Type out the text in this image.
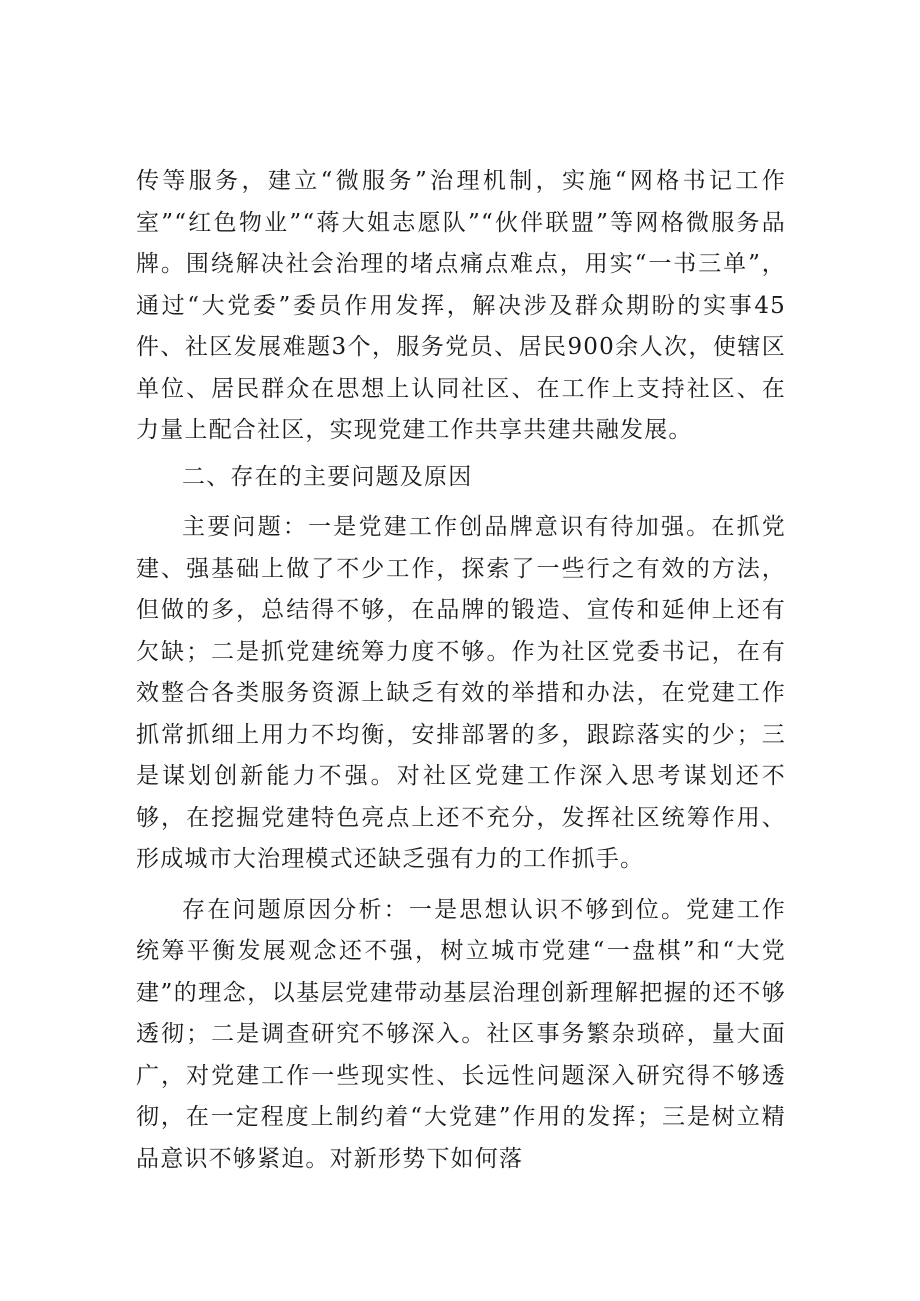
传等服务，建立“微服务”治理机制，实施“网格书记工作室”“红色物业”“蒋大姐志愿队”“伙伴联盟”等网格微服务品牌。围绕解决社会治理的堵点痛点难点，用实“一书三单”，通过“大党委”委员作用发挥，解决涉及群众期盼的实事45件、社区发展难题3个，服务党员、居民900余人次，使辖区单位、居民群众在思想上认同社区、在工作上支持社区、在力量上配合社区，实现党建工作共享共建共融发展。

二、存在的主要问题及原因

主要问题：一是党建工作创品牌意识有待加强。在抓党建、强基础上做了不少工作，探索了一些行之有效的方法，但做的多，总结得不够，在品牌的锻造、宣传和延伸上还有欠缺；二是抓党建统筹力度不够。作为社区党委书记，在有效整合各类服务资源上缺乏有效的举措和办法，在党建工作抓常抓细上用力不均衡，安排部署的多，跟踪落实的少；三是谋划创新能力不强。对社区党建工作深入思考谋划还不够，在挖掘党建特色亮点上还不充分，发挥社区统筹作用、形成城市大治理模式还缺乏强有力的工作抓手。

存在问题原因分析：一是思想认识不够到位。党建工作统筹平衡发展观念还不强，树立城市党建“一盘棋”和“大党建”的理念，以基层党建带动基层治理创新理解把握的还不够透彻；二是调查研究不够深入。社区事务繁杂琐碎，量大面广，对党建工作一些现实性、长远性问题深入研究得不够透彻，在一定程度上制约着“大党建”作用的发挥；三是树立精品意识不够紧迫。对新形势下如何落
